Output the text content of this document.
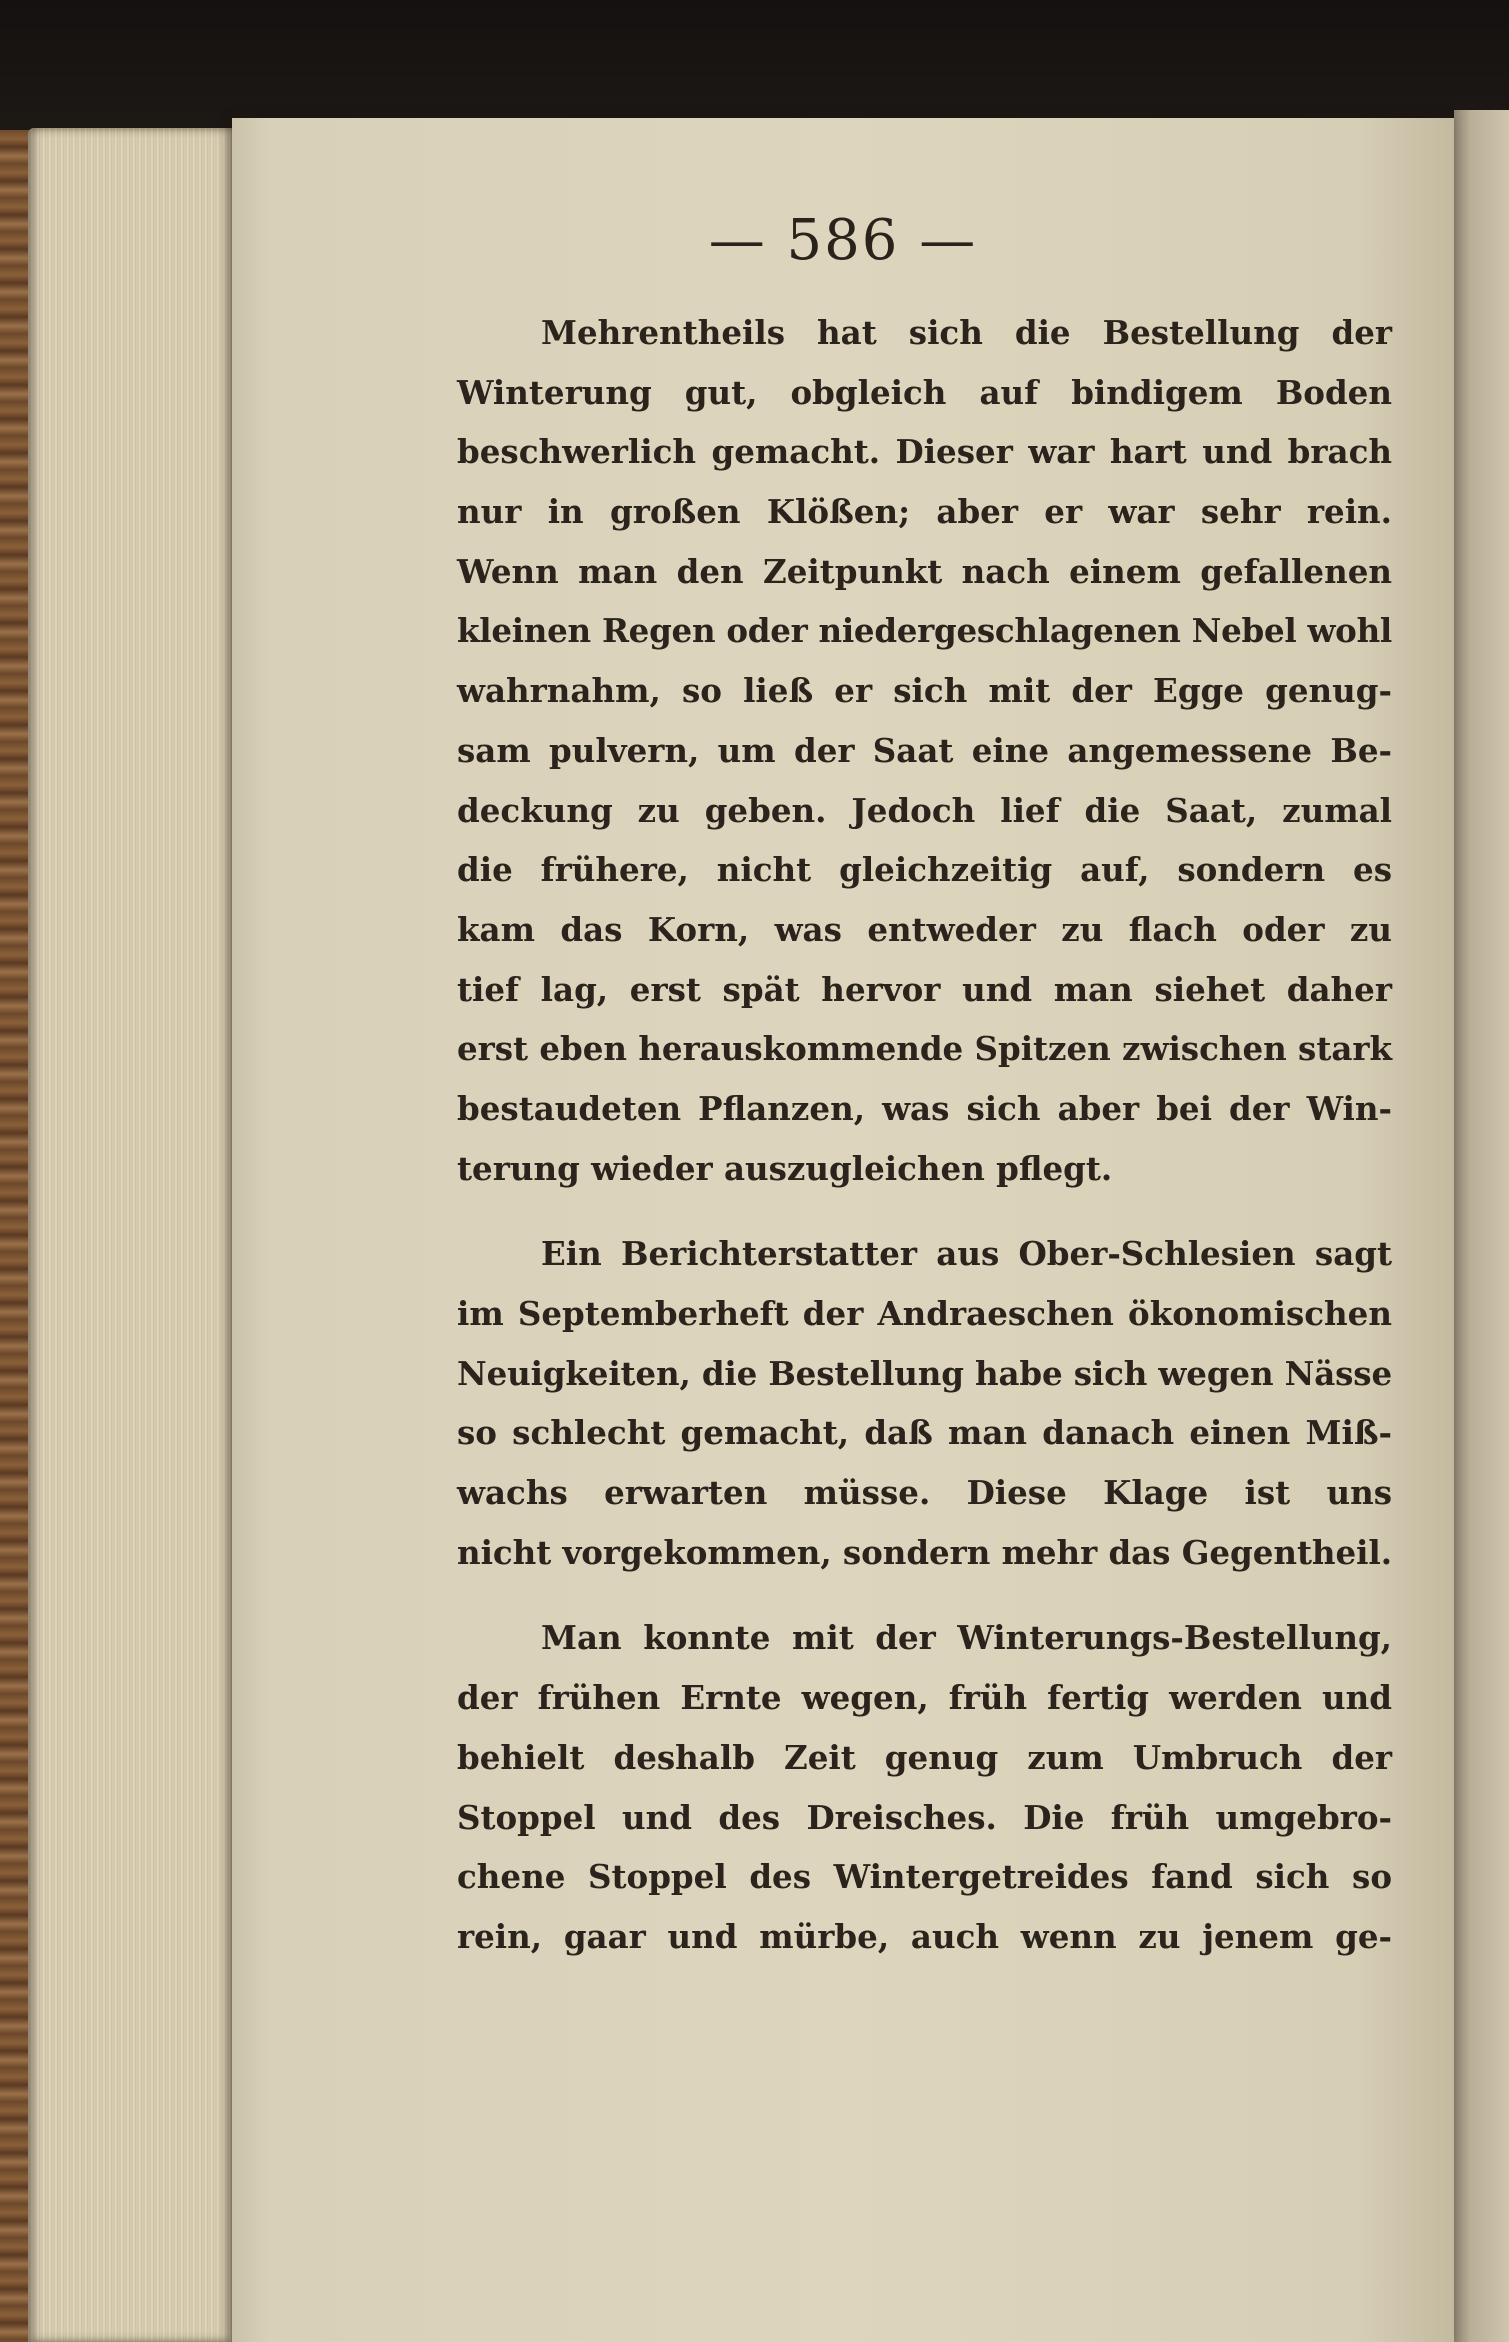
— 586 —
Mehrentheils hat sich die Bestellung der
Winterung gut, obgleich auf bindigem Boden
beschwerlich gemacht. Dieser war hart und brach
nur in großen Klößen; aber er war sehr rein.
Wenn man den Zeitpunkt nach einem gefallenen
kleinen Regen oder niedergeschlagenen Nebel wohl
wahrnahm, so ließ er sich mit der Egge genug-
sam pulvern, um der Saat eine angemessene Be-
deckung zu geben. Jedoch lief die Saat, zumal
die frühere, nicht gleichzeitig auf, sondern es
kam das Korn, was entweder zu flach oder zu
tief lag, erst spät hervor und man siehet daher
erst eben herauskommende Spitzen zwischen stark
bestaudeten Pflanzen, was sich aber bei der Win-
terung wieder auszugleichen pflegt.
Ein Berichterstatter aus Ober-Schlesien sagt
im Septemberheft der Andraeschen ökonomischen
Neuigkeiten, die Bestellung habe sich wegen Nässe
so schlecht gemacht, daß man danach einen Miß-
wachs erwarten müsse. Diese Klage ist uns
nicht vorgekommen, sondern mehr das Gegentheil.
Man konnte mit der Winterungs-Bestellung,
der frühen Ernte wegen, früh fertig werden und
behielt deshalb Zeit genug zum Umbruch der
Stoppel und des Dreisches. Die früh umgebro-
chene Stoppel des Wintergetreides fand sich so
rein, gaar und mürbe, auch wenn zu jenem ge-
